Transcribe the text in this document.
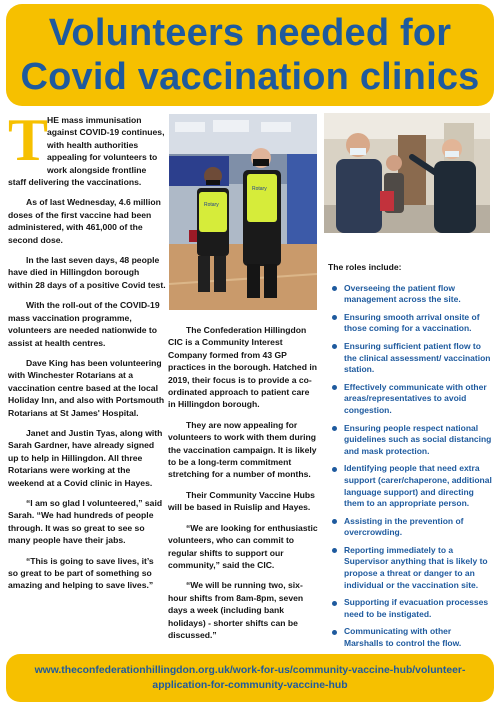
Volunteers needed for
Covid vaccination clinics

T
HE mass immunisation against COVID-19 continues, with health authorities appealing for volunteers to work alongside frontline staff delivering the vaccinations.

As of last Wednesday, 4.6 million doses of the first vaccine had been administered, with 461,000 of the second dose.

In the last seven days, 48 people have died in Hillingdon borough within 28 days of a positive Covid test.

With the roll-out of the COVID-19 mass vaccination programme, volunteers are needed nationwide to assist at health centres.

Dave King has been volunteering with Winchester Rotarians at a vaccination centre based at the local Holiday Inn, and also with Portsmouth Rotarians at St James' Hospital.

Janet and Justin Tyas, along with Sarah Gardner, have already signed up to help in Hillingdon. All three Rotarians were working at the weekend at a Covid clinic in Hayes.

“I am so glad I volunteered,” said Sarah. “We had hundreds of people through. It was so great to see so many people have their jabs.

“This is going to save lives, it’s so great to be part of something so amazing and helping to save lives.”

Rotary
Rotary

The Confederation Hillingdon CIC is a Community Interest Company formed from 43 GP practices in the borough. Hatched in 2019, their focus is to provide a co-ordinated approach to patient care in Hillingdon borough.

They are now appealing for volunteers to work with them during the vaccination campaign. It is likely to be a long-term commitment stretching for a number of months.

Their Community Vaccine Hubs will be based in Ruislip and Hayes.

“We are looking for enthusiastic volunteers, who can commit to regular shifts to support our community,” said the CIC.

“We will be running two, six-hour shifts from 8am-8pm, seven days a week (including bank holidays) - shorter shifts can be discussed.”

The roles include:
Overseeing the patient flow management across the site.
Ensuring smooth arrival onsite of those coming for a vaccination.
Ensuring sufficient patient flow to the clinical assessment/ vaccination station.
Effectively communicate with other areas/representatives to avoid congestion.
Ensuring people respect national guidelines such as social distancing and mask protection.
Identifying people that need extra support (carer/chaperone, additional language support) and directing them to an appropriate person.
Assisting in the prevention of overcrowding.
Reporting immediately to a Supervisor anything that is likely to propose a threat or danger to an individual or the vaccination site.
Supporting if evacuation processes need to be instigated.
Communicating with other Marshalls to control the flow.
www.theconfederationhillingdon.org.uk/work-for-us/community-vaccine-hub/volunteer-application-for-community-vaccine-hub
